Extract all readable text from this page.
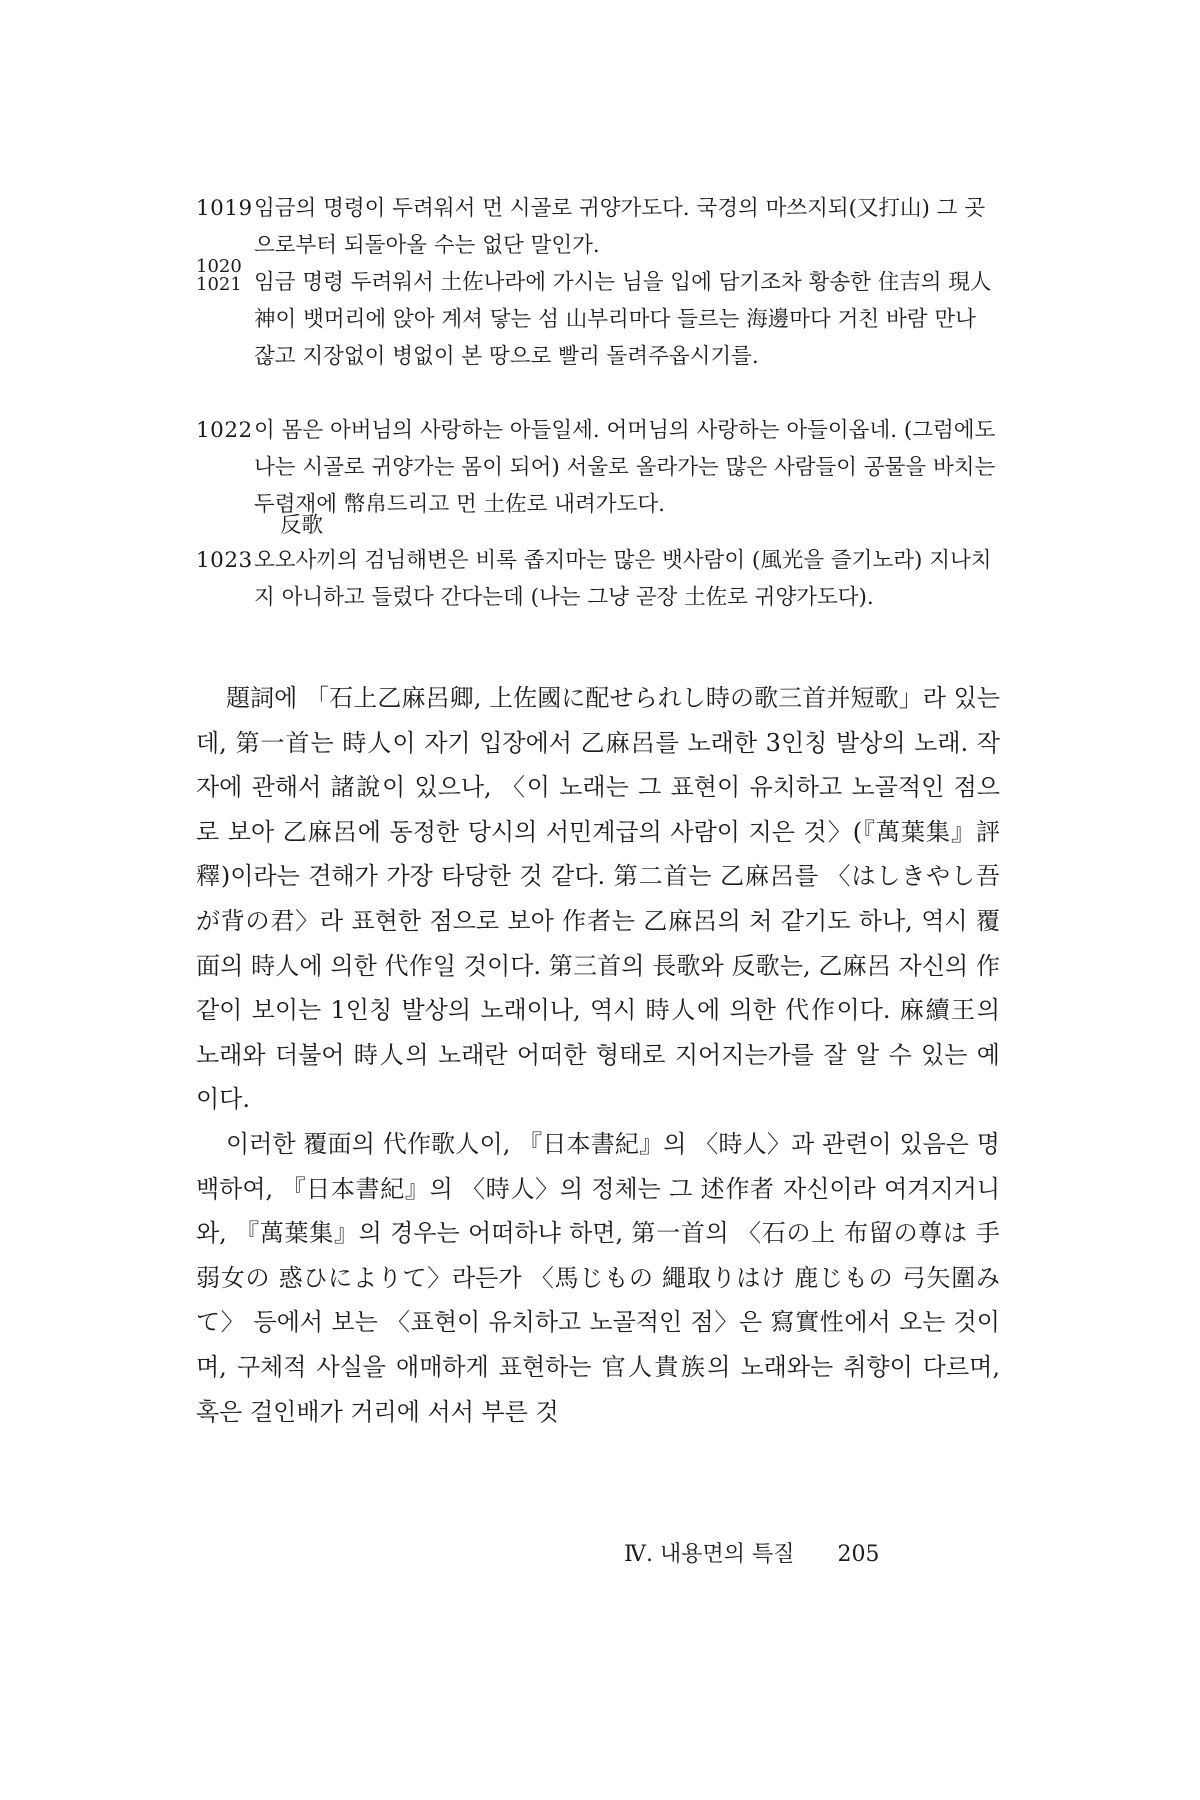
1019 임금의 명령이 두려워서 먼 시골로 귀양가도다. 국경의 마쓰지되(又打山) 그 곳으로부터 되돌아올 수는 없단 말인가.
1020
1021 임금 명령 두려워서 土佐나라에 가시는 님을 입에 담기조차 황송한 住吉의 現人神이 뱃머리에 앉아 계셔 닿는 섬 山부리마다 들르는 海邊마다 거친 바람 만나잖고 지장없이 병없이 본 땅으로 빨리 돌려주옵시기를.
1022 이 몸은 아버님의 사랑하는 아들일세. 어머님의 사랑하는 아들이옵네. (그럼에도 나는 시골로 귀양가는 몸이 되어) 서울로 올라가는 많은 사람들이 공물을 바치는 두렴재에 幣帛드리고 먼 土佐로 내려가도다.
反歌
1023 오오사끼의 검님해변은 비록 좁지마는 많은 뱃사람이 (風光을 즐기노라) 지나치지 아니하고 들렀다 간다는데 (나는 그냥 곧장 土佐로 귀양가도다).

題詞에 「石上乙麻呂卿, 上佐國に配せられし時の歌三首并短歌」라 있는데, 第一首는 時人이 자기 입장에서 乙麻呂를 노래한 3인칭 발상의 노래. 작자에 관해서 諸說이 있으나, 〈이 노래는 그 표현이 유치하고 노골적인 점으로 보아 乙麻呂에 동정한 당시의 서민계급의 사람이 지은 것〉(『萬葉集』評釋)이라는 견해가 가장 타당한 것 같다. 第二首는 乙麻呂를 〈はしきやし吾が背の君〉라 표현한 점으로 보아 作者는 乙麻呂의 처 같기도 하나, 역시 覆面의 時人에 의한 代作일 것이다. 第三首의 長歌와 反歌는, 乙麻呂 자신의 作같이 보이는 1인칭 발상의 노래이나, 역시 時人에 의한 代作이다. 麻續王의 노래와 더불어 時人의 노래란 어떠한 형태로 지어지는가를 잘 알 수 있는 예이다.

이러한 覆面의 代作歌人이, 『日本書紀』의 〈時人〉과 관련이 있음은 명백하여, 『日本書紀』의 〈時人〉의 정체는 그 述作者 자신이라 여겨지거니와, 『萬葉集』의 경우는 어떠하냐 하면, 第一首의 〈石の上 布留の尊は 手弱女の 惑ひによりて〉라든가 〈馬じもの 繩取りはけ 鹿じもの 弓矢圍みて〉 등에서 보는 〈표현이 유치하고 노골적인 점〉은 寫實性에서 오는 것이며, 구체적 사실을 애매하게 표현하는 官人貴族의 노래와는 취향이 다르며, 혹은 걸인배가 거리에 서서 부른 것

Ⅳ. 내용면의 특질 205
